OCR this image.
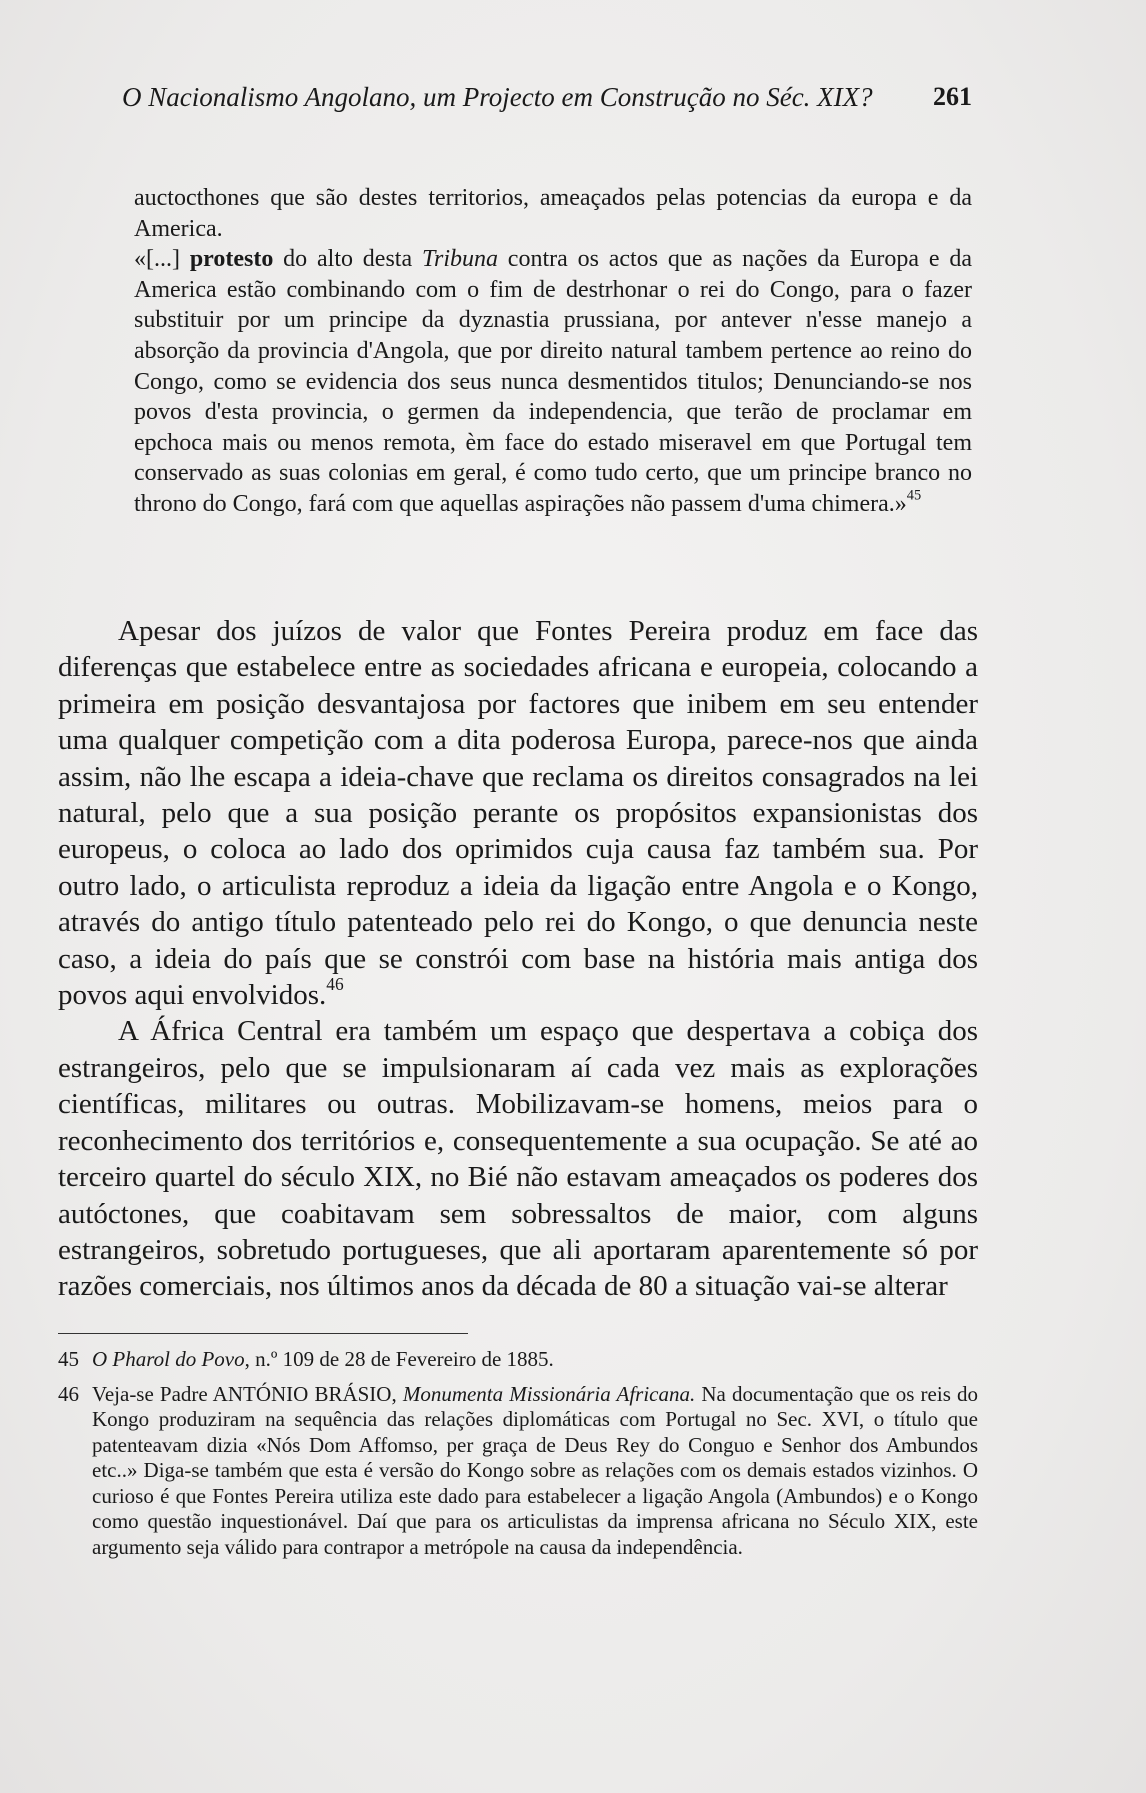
O Nacionalismo Angolano, um Projecto em Construção no Séc. XIX? 261

auctocthones que são destes territorios, ameaçados pelas potencias da europa e da America.

«[...] protesto do alto desta Tribuna contra os actos que as nações da Europa e da America estão combinando com o fim de destrhonar o rei do Congo, para o fazer substituir por um principe da dyznastia prussiana, por antever n'esse manejo a absorção da provincia d'Angola, que por direito natural tambem pertence ao reino do Congo, como se evidencia dos seus nunca desmentidos titulos; Denunciando-se nos povos d'esta provincia, o germen da independencia, que terão de proclamar em epchoca mais ou menos remota, èm face do estado miseravel em que Portugal tem conservado as suas colonias em geral, é como tudo certo, que um principe branco no throno do Congo, fará com que aquellas aspirações não passem d'uma chimera.»$^{45}$

Apesar dos juízos de valor que Fontes Pereira produz em face das diferenças que estabelece entre as sociedades africana e europeia, colocando a primeira em posição desvantajosa por factores que inibem em seu entender uma qualquer competição com a dita poderosa Europa, parece-nos que ainda assim, não lhe escapa a ideia-chave que reclama os direitos consagrados na lei natural, pelo que a sua posição perante os propósitos expansionistas dos europeus, o coloca ao lado dos oprimidos cuja causa faz também sua. Por outro lado, o articulista reproduz a ideia da ligação entre Angola e o Kongo, através do antigo título patenteado pelo rei do Kongo, o que denuncia neste caso, a ideia do país que se constrói com base na história mais antiga dos povos aqui envolvidos.$^{46}$

A África Central era também um espaço que despertava a cobiça dos estrangeiros, pelo que se impulsionaram aí cada vez mais as explorações científicas, militares ou outras. Mobilizavam-se homens, meios para o reconhecimento dos territórios e, consequentemente a sua ocupação. Se até ao terceiro quartel do século XIX, no Bié não estavam ameaçados os poderes dos autóctones, que coabitavam sem sobressaltos de maior, com alguns estrangeiros, sobretudo portugueses, que ali aportaram aparentemente só por razões comerciais, nos últimos anos da década de 80 a situação vai-se alterar

45 O Pharol do Povo, n.º 109 de 28 de Fevereiro de 1885.
46 Veja-se Padre ANTÓNIO BRÁSIO, Monumenta Missionária Africana. Na documentação que os reis do Kongo produziram na sequência das relações diplomáticas com Portugal no Sec. XVI, o título que patenteavam dizia «Nós Dom Affomso, per graça de Deus Rey do Conguo e Senhor dos Ambundos etc..» Diga-se também que esta é versão do Kongo sobre as relações com os demais estados vizinhos. O curioso é que Fontes Pereira utiliza este dado para estabelecer a ligação Angola (Ambundos) e o Kongo como questão inquestionável. Daí que para os articulistas da imprensa africana no Século XIX, este argumento seja válido para contrapor a metrópole na causa da independência.
